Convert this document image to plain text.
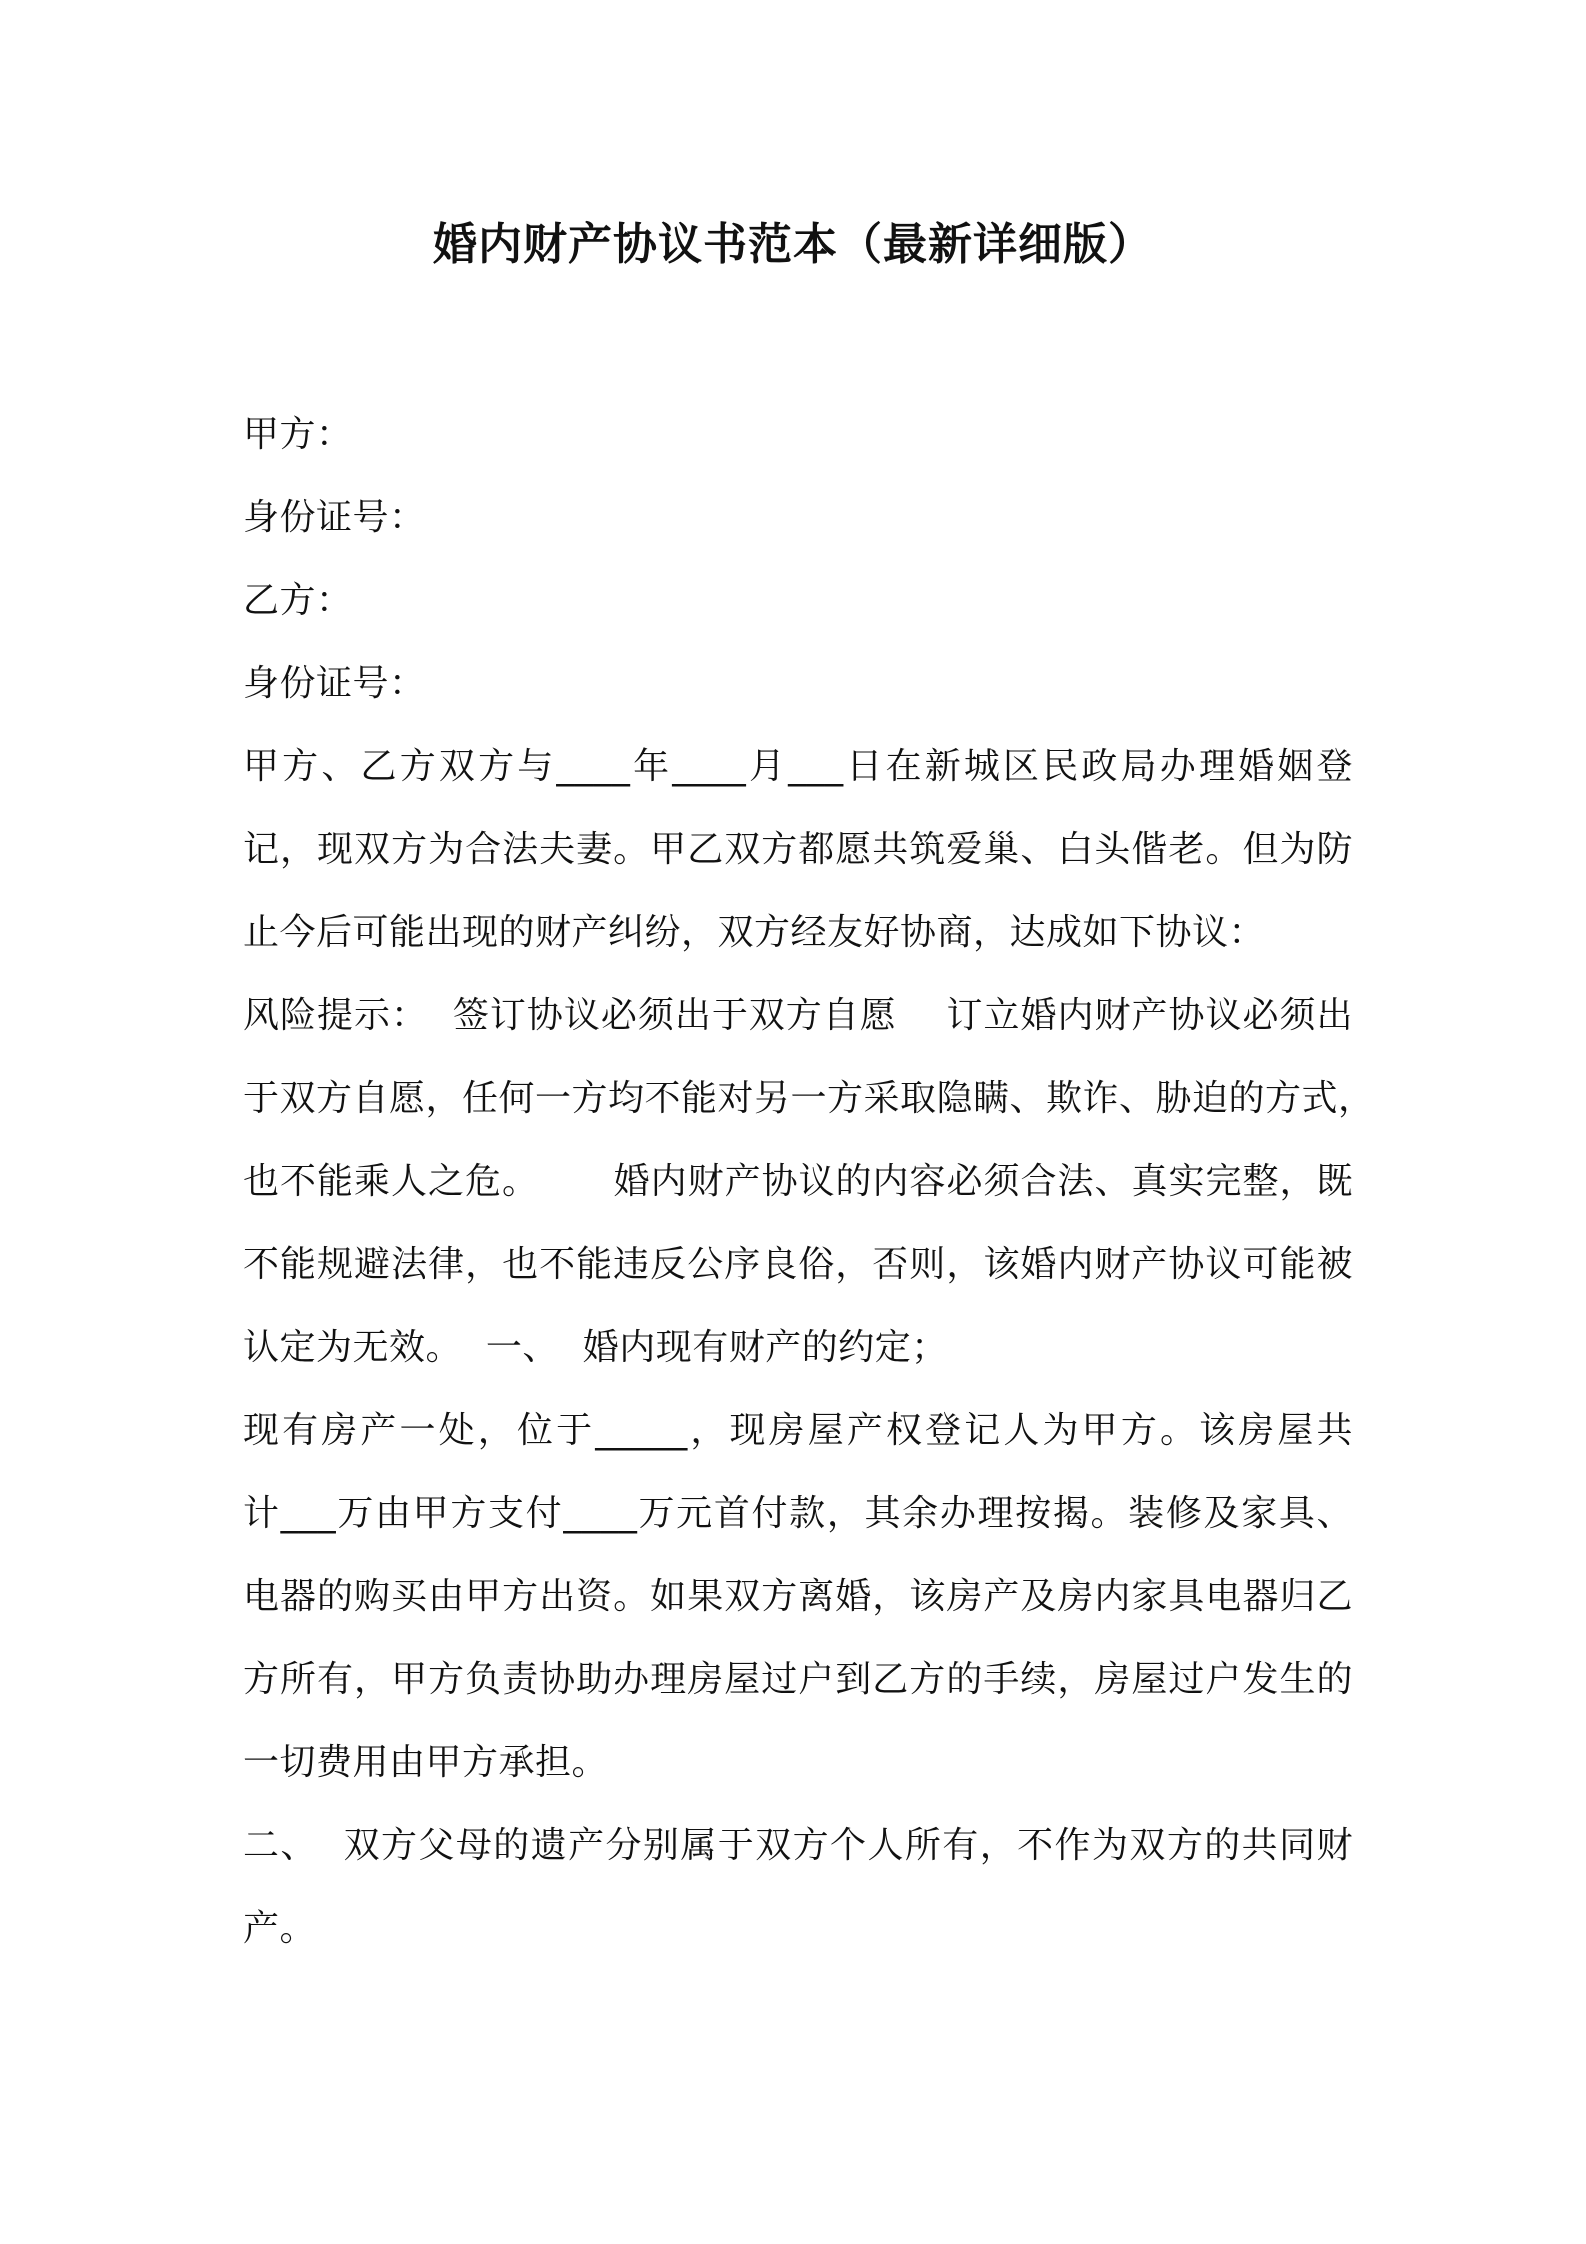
婚内财产协议书范本（最新详细版）
甲方：
身份证号：
乙方：
身份证号：
甲方、乙方双方与____年____月___日在新城区民政局办理婚姻登
记，现双方为合法夫妻。甲乙双方都愿共筑爱巢、白头偕老。但为防
止今后可能出现的财产纠纷，双方经友好协商，达成如下协议：
风险提示：  签订协议必须出于双方自愿    订立婚内财产协议必须出
于双方自愿，任何一方均不能对另一方采取隐瞒、欺诈、胁迫的方式，
也不能乘人之危。      婚内财产协议的内容必须合法、真实完整，既
不能规避法律，也不能违反公序良俗，否则，该婚内财产协议可能被
认定为无效。  一、  婚内现有财产的约定；
现有房产一处，位于_____，现房屋产权登记人为甲方。该房屋共
计___万由甲方支付____万元首付款，其余办理按揭。装修及家具、
电器的购买由甲方出资。如果双方离婚，该房产及房内家具电器归乙
方所有，甲方负责协助办理房屋过户到乙方的手续，房屋过户发生的
一切费用由甲方承担。
二、  双方父母的遗产分别属于双方个人所有，不作为双方的共同财
产。
